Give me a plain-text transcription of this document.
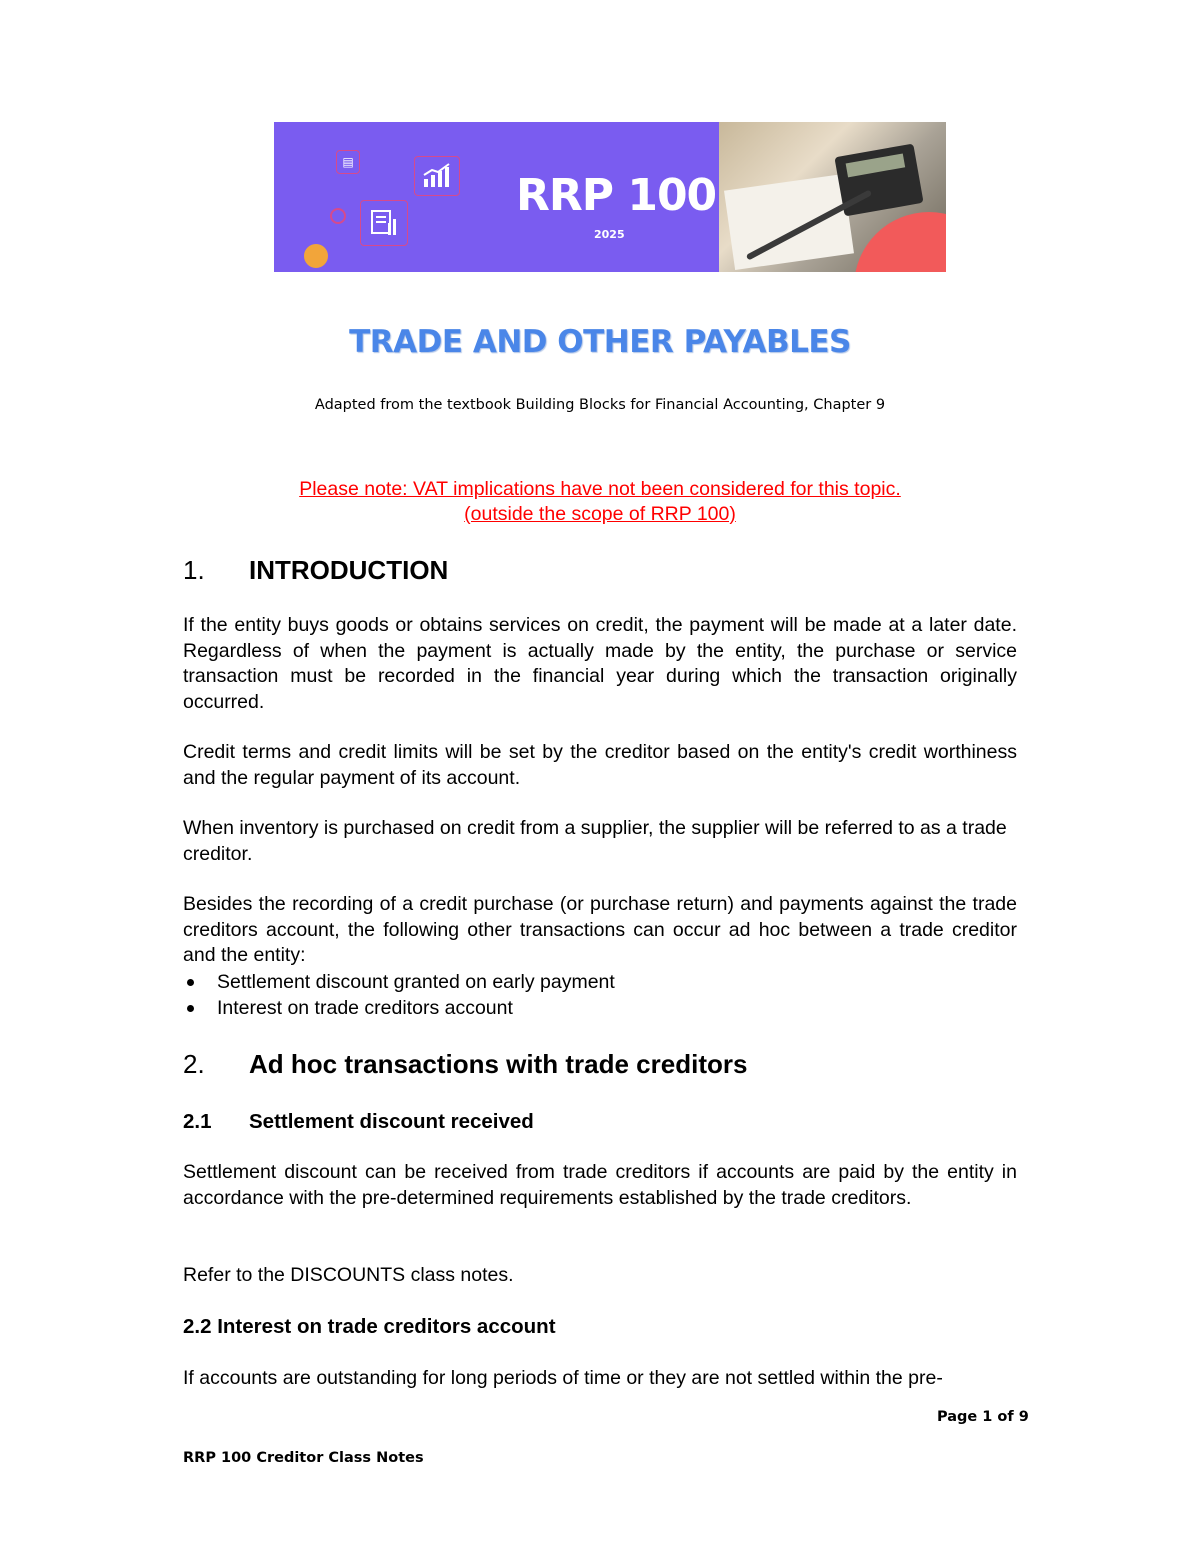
▤
RRP 100
2025
TRADE AND OTHER PAYABLES
Adapted from the textbook Building Blocks for Financial Accounting, Chapter 9
Please note: VAT implications have not been considered for this topic.
(outside the scope of RRP 100)
1. INTRODUCTION
If the entity buys goods or obtains services on credit, the payment will be made at a later date. Regardless of when the payment is actually made by the entity, the purchase or service transaction must be recorded in the financial year during which the transaction originally occurred.
Credit terms and credit limits will be set by the creditor based on the entity's credit worthiness and the regular payment of its account.
When inventory is purchased on credit from a supplier, the supplier will be referred to as a trade creditor.
Besides the recording of a credit purchase (or purchase return) and payments against the trade creditors account, the following other transactions can occur ad hoc between a trade creditor and the entity:
Settlement discount granted on early payment
Interest on trade creditors account
2. Ad hoc transactions with trade creditors
2.1 Settlement discount received
Settlement discount can be received from trade creditors if accounts are paid by the entity in accordance with the pre-determined requirements established by the trade creditors.
Refer to the DISCOUNTS class notes.
2.2 Interest on trade creditors account
If accounts are outstanding for long periods of time or they are not settled within the pre-
Page 1 of 9
RRP 100 Creditor Class Notes
